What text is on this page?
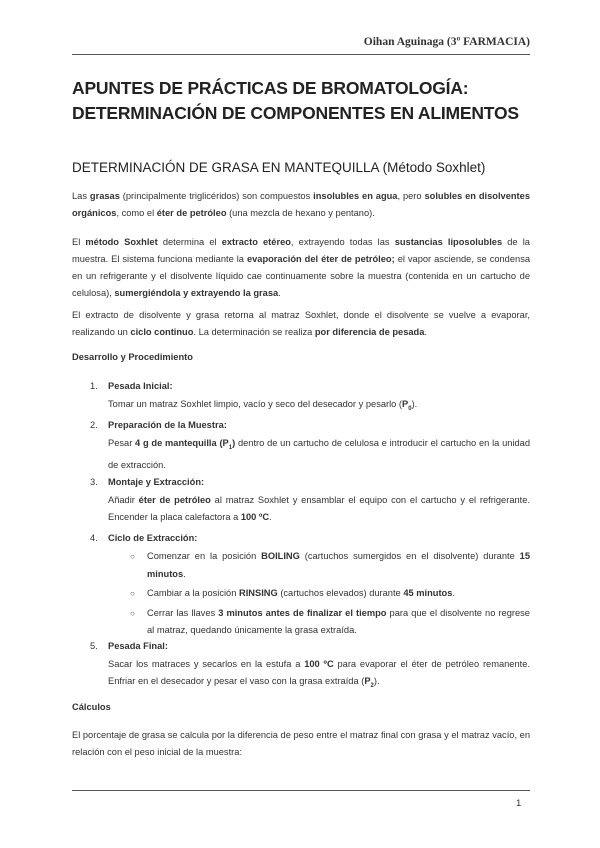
Oihan Aguinaga (3º FARMACIA)
APUNTES DE PRÁCTICAS DE BROMATOLOGÍA:
DETERMINACIÓN DE COMPONENTES EN ALIMENTOS
DETERMINACIÓN DE GRASA EN MANTEQUILLA (Método Soxhlet)
Las grasas (principalmente triglicéridos) son compuestos insolubles en agua, pero solubles en disolventes orgánicos, como el éter de petróleo (una mezcla de hexano y pentano).
El método Soxhlet determina el extracto etéreo, extrayendo todas las sustancias liposolubles de la muestra. El sistema funciona mediante la evaporación del éter de petróleo; el vapor asciende, se condensa en un refrigerante y el disolvente líquido cae continuamente sobre la muestra (contenida en un cartucho de celulosa), sumergiéndola y extrayendo la grasa.
El extracto de disolvente y grasa retorna al matraz Soxhlet, donde el disolvente se vuelve a evaporar, realizando un ciclo continuo. La determinación se realiza por diferencia de pesada.
Desarrollo y Procedimiento
1.	Pesada Inicial:
Tomar un matraz Soxhlet limpio, vacío y seco del desecador y pesarlo $(P_0)$.
2.	Preparación de la Muestra:
Pesar 4 g de mantequilla $(P_1)$ dentro de un cartucho de celulosa e introducir el cartucho en la unidad de extracción.
3.	Montaje y Extracción:
Añadir éter de petróleo al matraz Soxhlet y ensamblar el equipo con el cartucho y el refrigerante. Encender la placa calefactora a 100 ºC.
4.	Ciclo de Extracción:
○ Comenzar en la posición BOILING (cartuchos sumergidos en el disolvente) durante 15 minutos.
○ Cambiar a la posición RINSING (cartuchos elevados) durante 45 minutos.
○ Cerrar las llaves 3 minutos antes de finalizar el tiempo para que el disolvente no regrese al matraz, quedando únicamente la grasa extraída.
5.	Pesada Final:
Sacar los matraces y secarlos en la estufa a 100 ºC para evaporar el éter de petróleo remanente. Enfriar en el desecador y pesar el vaso con la grasa extraída $(P_2)$.
Cálculos
El porcentaje de grasa se calcula por la diferencia de peso entre el matraz final con grasa y el matraz vacío, en relación con el peso inicial de la muestra:
1
